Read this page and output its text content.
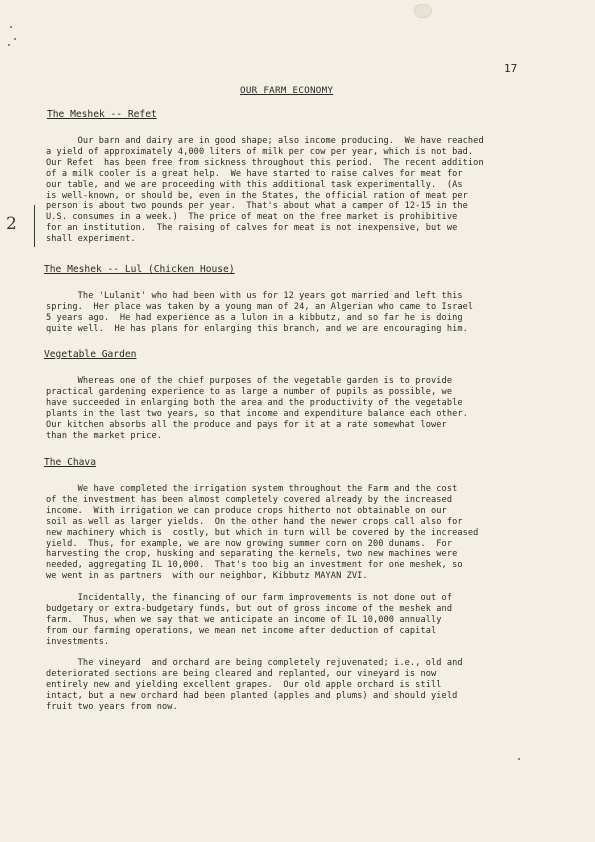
17
OUR FARM ECONOMY
2
The Meshek -- Refet
Our barn and dairy are in good shape; also income producing.  We have reached
a yield of approximately 4,000 liters of milk per cow per year, which is not bad.
Our Refet  has been free from sickness throughout this period.  The recent addition
of a milk cooler is a great help.  We have started to raise calves for meat for
our table, and we are proceeding with this additional task experimentally.  (As
is well-known, or should be, even in the States, the official ration of meat per
person is about two pounds per year.  That's about what a camper of 12-15 in the
U.S. consumes in a week.)  The price of meat on the free market is prohibitive
for an institution.  The raising of calves for meat is not inexpensive, but we
shall experiment.
The Meshek -- Lul (Chicken House)
The 'Lulanit' who had been with us for 12 years got married and left this
spring.  Her place was taken by a young man of 24, an Algerian who came to Israel
5 years ago.  He had experience as a lulon in a kibbutz, and so far he is doing
quite well.  He has plans for enlarging this branch, and we are encouraging him.
Vegetable Garden
Whereas one of the chief purposes of the vegetable garden is to provide
practical gardening experience to as large a number of pupils as possible, we
have succeeded in enlarging both the area and the productivity of the vegetable
plants in the last two years, so that income and expenditure balance each other.
Our kitchen absorbs all the produce and pays for it at a rate somewhat lower
than the market price.
The Chava
We have completed the irrigation system throughout the Farm and the cost
of the investment has been almost completely covered already by the increased
income.  With irrigation we can produce crops hitherto not obtainable on our
soil as well as larger yields.  On the other hand the newer crops call also for
new machinery which is  costly, but which in turn will be covered by the increased
yield.  Thus, for example, we are now growing summer corn on 200 dunams.  For
harvesting the crop, husking and separating the kernels, two new machines were
needed, aggregating IL 10,000.  That's too big an investment for one meshek, so
we went in as partners  with our neighbor, Kibbutz MAYAN ZVI.
Incidentally, the financing of our farm improvements is not done out of
budgetary or extra-budgetary funds, but out of gross income of the meshek and
farm.  Thus, when we say that we anticipate an income of IL 10,000 annually
from our farming operations, we mean net income after deduction of capital
investments.
The vineyard  and orchard are being completely rejuvenated; i.e., old and
deteriorated sections are being cleared and replanted, our vineyard is now
entirely new and yielding excellent grapes.  Our old apple orchard is still
intact, but a new orchard had been planted (apples and plums) and should yield
fruit two years from now.
